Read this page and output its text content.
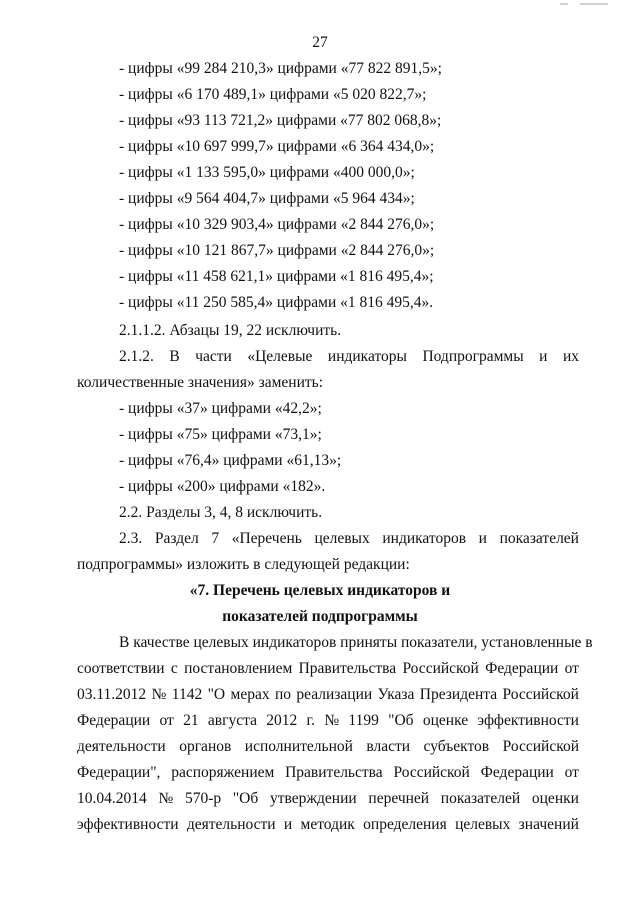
27
- цифры «99 284 210,3» цифрами «77 822 891,5»;
- цифры «6 170 489,1» цифрами «5 020 822,7»;
- цифры «93 113 721,2» цифрами «77 802 068,8»;
- цифры «10 697 999,7» цифрами «6 364 434,0»;
- цифры «1 133 595,0» цифрами «400 000,0»;
- цифры «9 564 404,7» цифрами «5 964 434»;
- цифры «10 329 903,4» цифрами «2 844 276,0»;
- цифры «10 121 867,7» цифрами «2 844 276,0»;
- цифры «11 458 621,1» цифрами «1 816 495,4»;
- цифры «11 250 585,4» цифрами «1 816 495,4».
2.1.1.2. Абзацы 19, 22 исключить.
2.1.2. В части «Целевые индикаторы Подпрограммы и их
количественные значения» заменить:
- цифры «37» цифрами «42,2»;
- цифры «75» цифрами «73,1»;
- цифры «76,4» цифрами «61,13»;
- цифры «200» цифрами «182».
2.2. Разделы 3, 4, 8 исключить.
2.3. Раздел 7 «Перечень целевых индикаторов и показателей
подпрограммы» изложить в следующей редакции:
«7. Перечень целевых индикаторов и
показателей подпрограммы
В качестве целевых индикаторов приняты показатели, установленные в
соответствии с постановлением Правительства Российской Федерации от
03.11.2012 № 1142 "О мерах по реализации Указа Президента Российской
Федерации от 21 августа 2012 г. № 1199 "Об оценке эффективности
деятельности органов исполнительной власти субъектов Российской
Федерации", распоряжением Правительства Российской Федерации от
10.04.2014 № 570-р "Об утверждении перечней показателей оценки
эффективности деятельности и методик определения целевых значений
